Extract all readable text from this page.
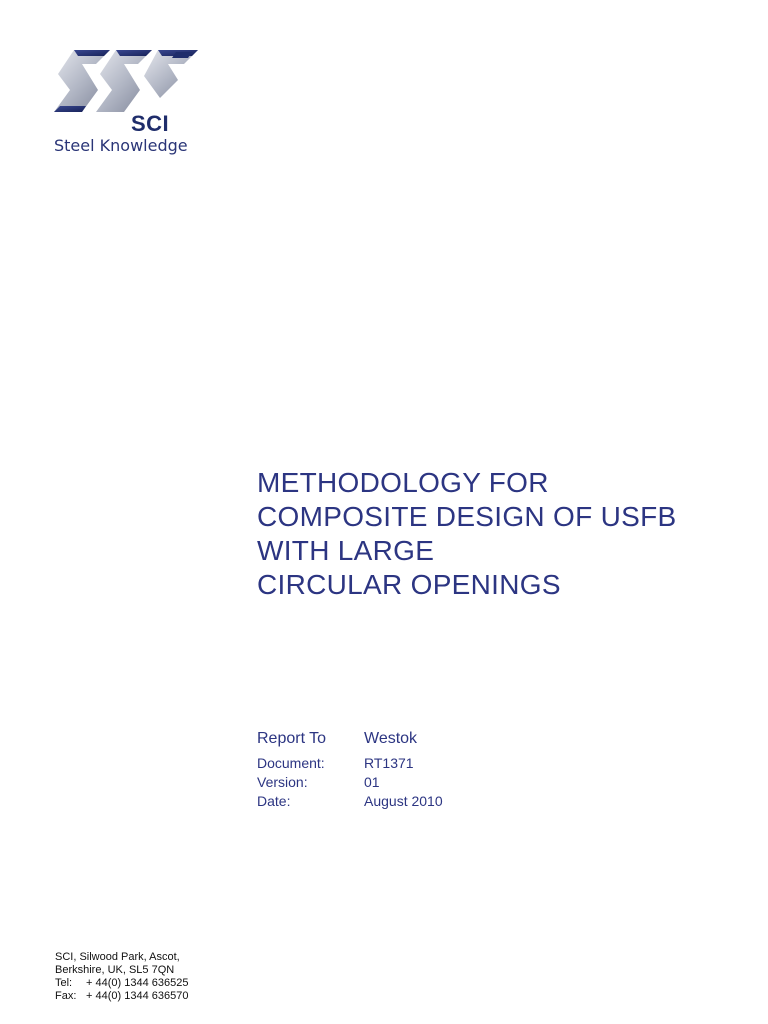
SCI
Steel Knowledge
METHODOLOGY FOR
COMPOSITE DESIGN OF USFB
WITH LARGE
CIRCULAR OPENINGS
Report To Westok
Document:	RT1371
Version:	01
Date:	August 2010
SCI, Silwood Park, Ascot,
Berkshire, UK, SL5 7QN
Tel: + 44(0) 1344 636525
Fax: + 44(0) 1344 636570
